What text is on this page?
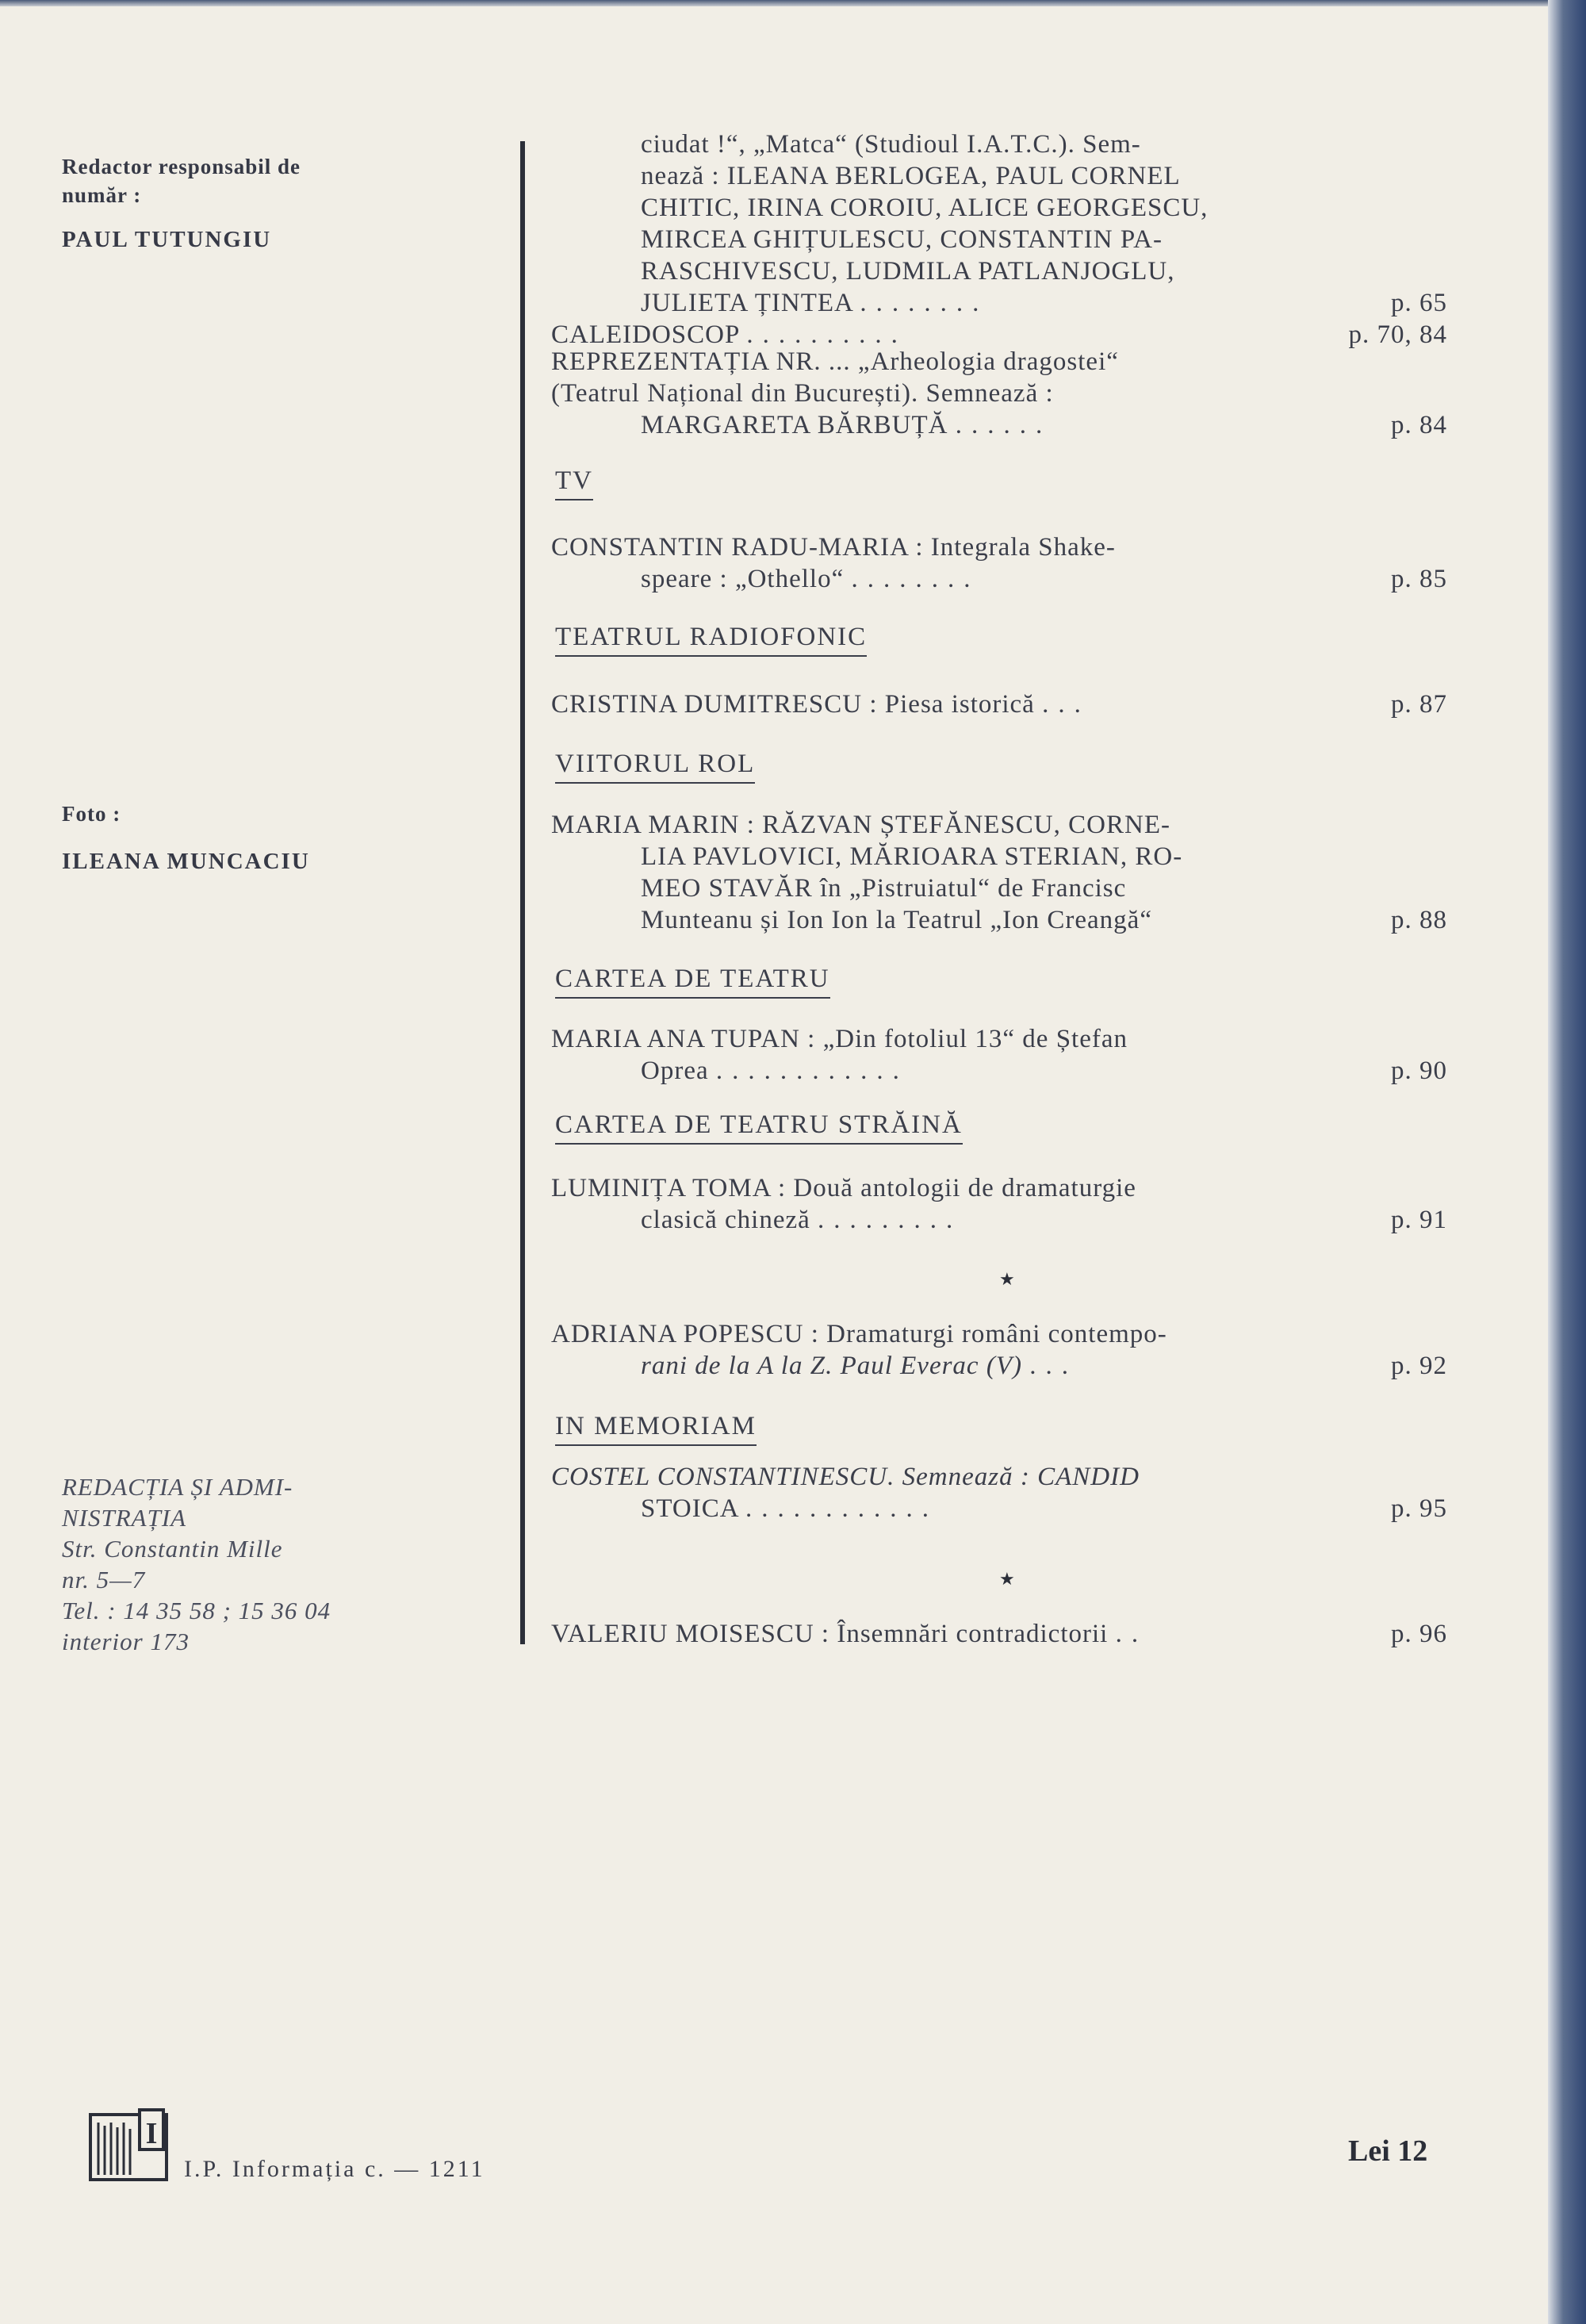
Redactor responsabil de
număr :
PAUL TUTUNGIU
Foto :
ILEANA MUNCACIU
REDACȚIA ȘI ADMI-
NISTRAȚIA
Str. Constantin Mille
nr. 5—7
Tel. : 14 35 58 ; 15 36 04
interior 173
ciudat !“, „Matca“ (Studioul I.A.T.C.). Sem-
nează : ILEANA BERLOGEA, PAUL CORNEL
CHITIC, IRINA COROIU, ALICE GEORGESCU,
MIRCEA GHIȚULESCU, CONSTANTIN PA-
RASCHIVESCU, LUDMILA PATLANJOGLU,
JULIETA ȚINTEA ........	p. 65
CALEIDOSCOP ..........	p. 70, 84
REPREZENTAȚIA NR. ... „Arheologia dragostei“
(Teatrul Național din București). Semnează :
MARGARETA BĂRBUȚĂ ......	p. 84
TV
CONSTANTIN RADU-MARIA : Integrala Shake-
speare : „Othello“ ........	p. 85
TEATRUL RADIOFONIC
CRISTINA DUMITRESCU : Piesa istorică ...	p. 87
VIITORUL ROL
MARIA MARIN : RĂZVAN ȘTEFĂNESCU, CORNE-
LIA PAVLOVICI, MĂRIOARA STERIAN, RO-
MEO STAVĂR în „Pistruiatul“ de Francisc
Munteanu și Ion Ion la Teatrul „Ion Creangă“	p. 88
CARTEA DE TEATRU
MARIA ANA TUPAN : „Din fotoliul 13“ de Ștefan
Oprea ............	p. 90
CARTEA DE TEATRU STRĂINĂ
LUMINIȚA TOMA : Două antologii de dramaturgie
clasică chineză .........	p. 91
★
ADRIANA POPESCU : Dramaturgi români contempo-
rani de la A la Z. Paul Everac (V) ...	p. 92
IN MEMORIAM
COSTEL CONSTANTINESCU. Semnează : CANDID
STOICA ............	p. 95
★
VALERIU MOISESCU : Însemnări contradictorii ..	p. 96
I
I.P. Informația c. — 1211
Lei 12
